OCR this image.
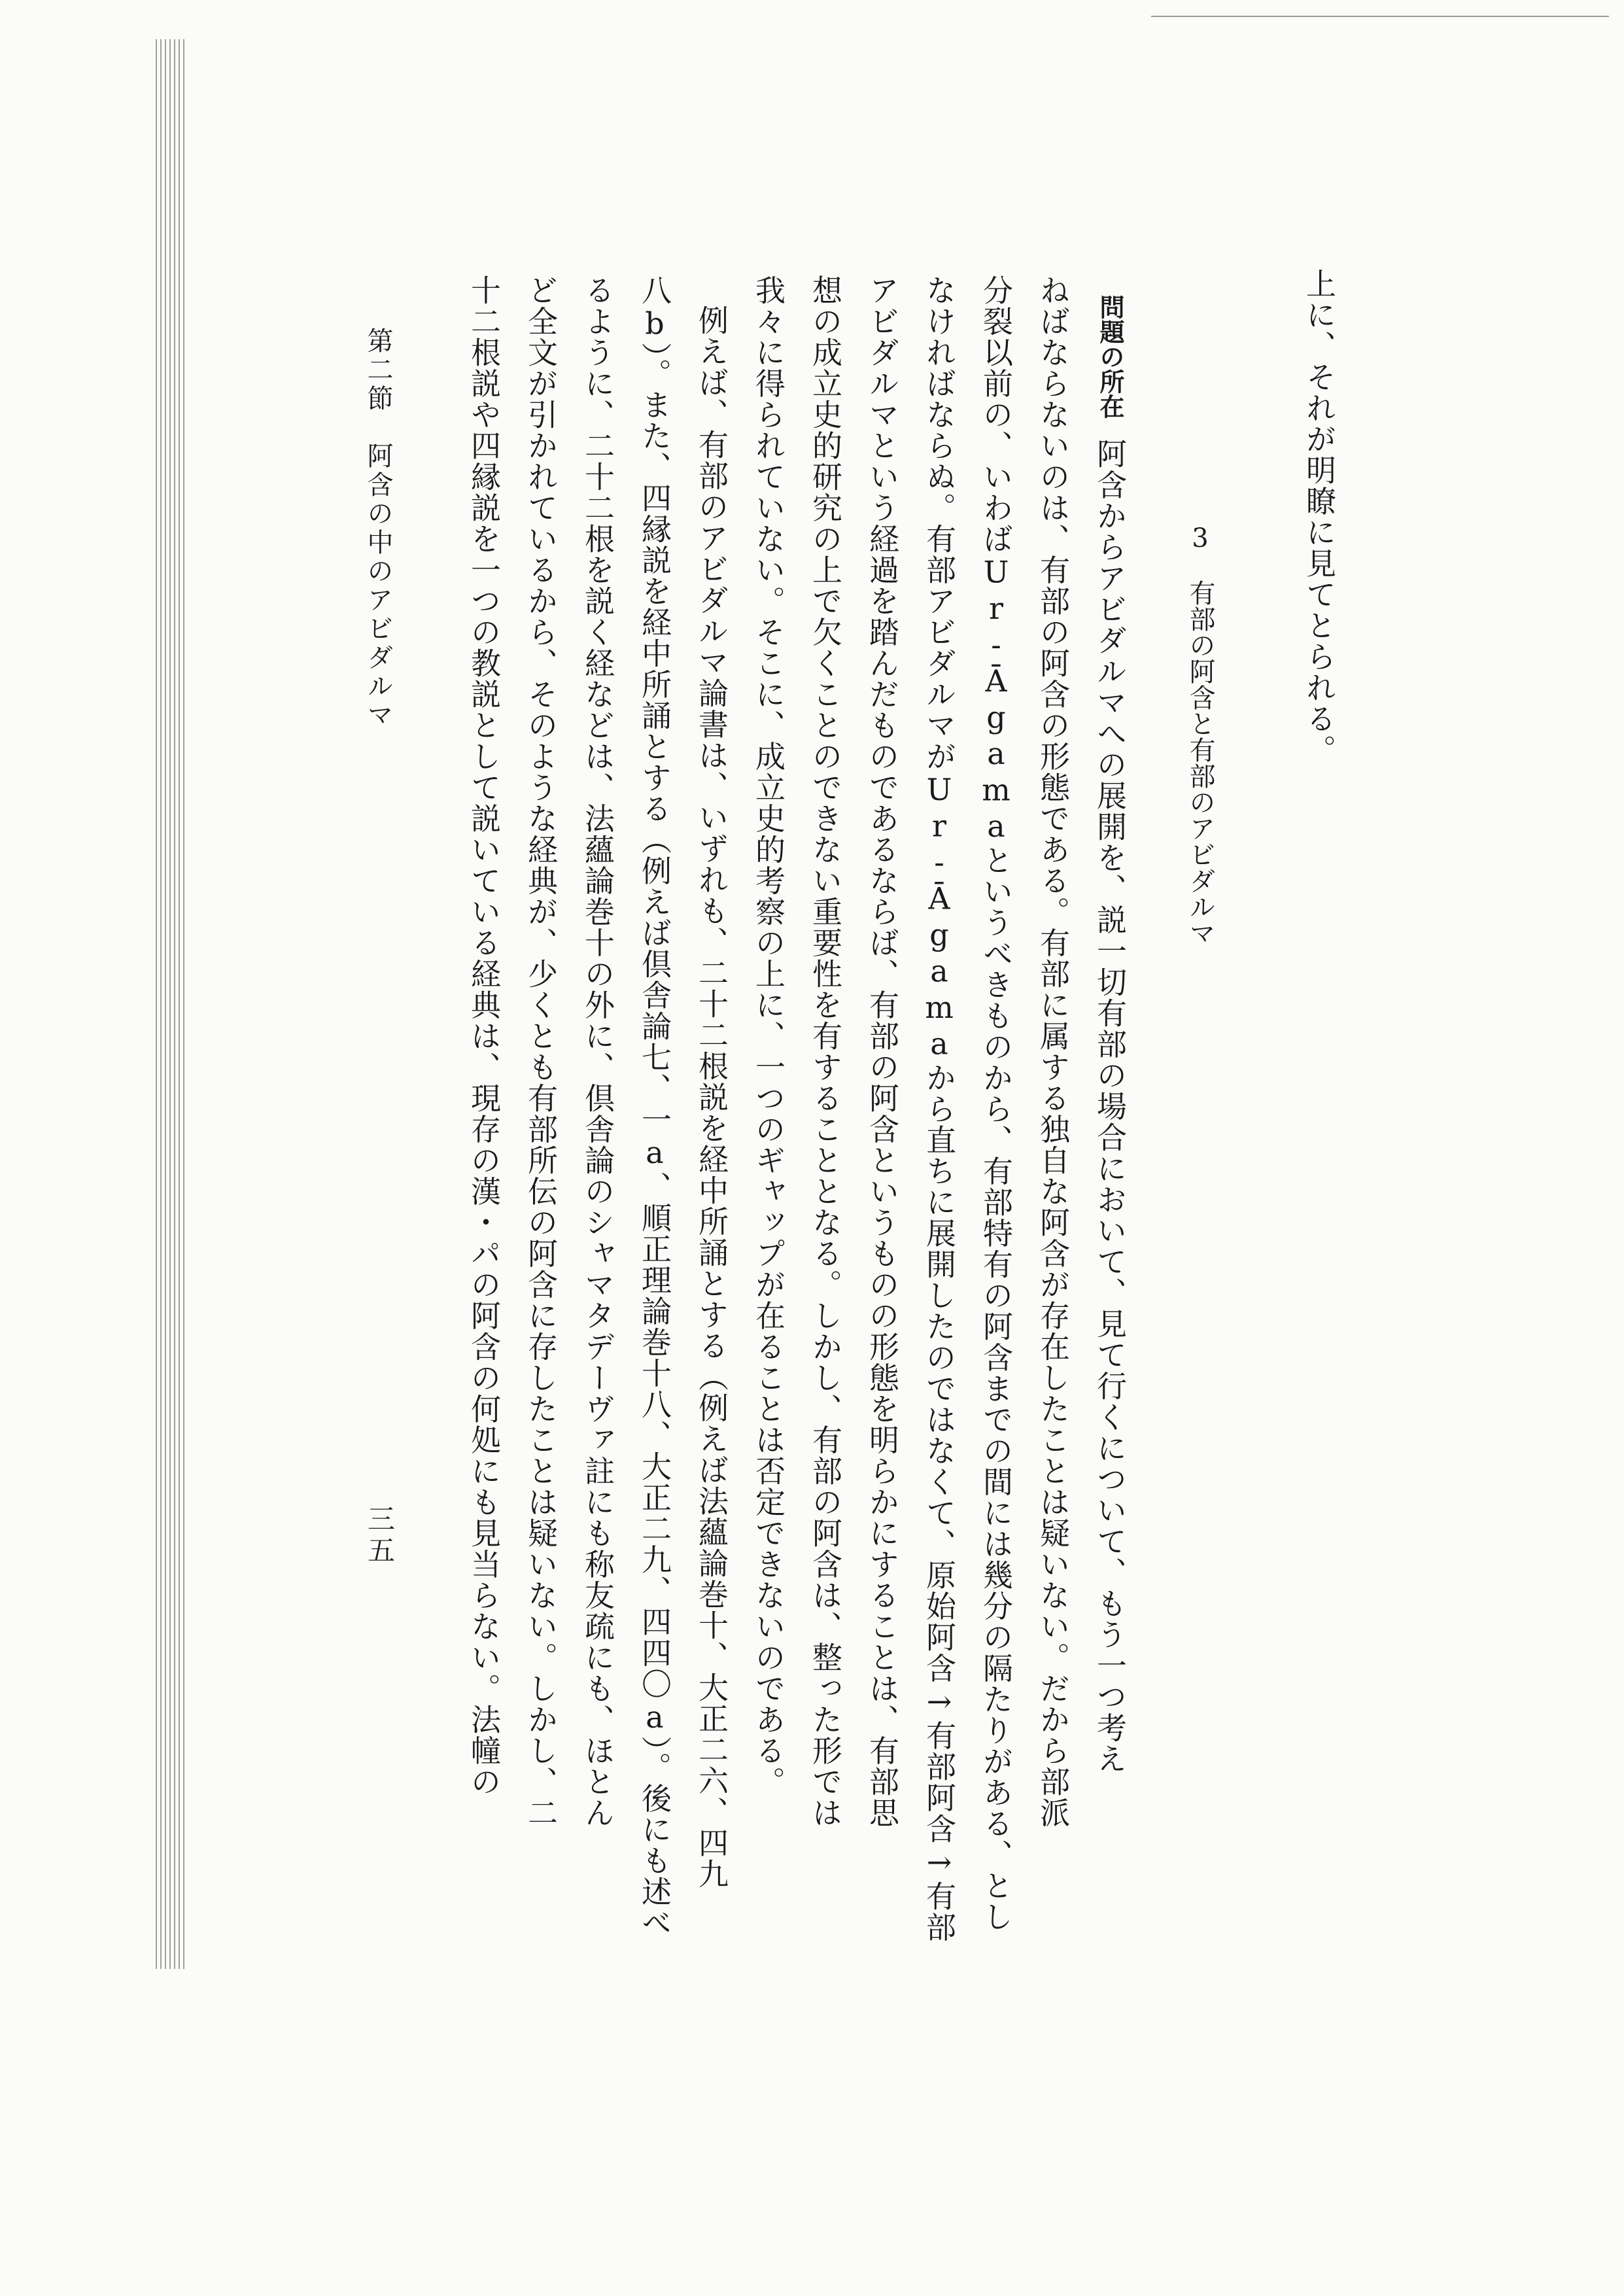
上に、それが明瞭に見てとられる。
3　有部の阿含と有部のアビダルマ
問題の所在
阿含からアビダルマへの展開を、説一切有部の場合において、見て行くについて、もう一つ考え
ねばならないのは、有部の阿含の形態である。有部に属する独自な阿含が存在したことは疑いない。だから部派
分裂以前の、いわばUr-Āgamaというべきものから、有部特有の阿含までの間には幾分の隔たりがある、とし
なければならぬ。有部アビダルマがUr-Āgamaから直ちに展開したのではなくて、原始阿含→有部阿含→有部
アビダルマという経過を踏んだものであるならば、有部の阿含というものの形態を明らかにすることは、有部思
想の成立史的研究の上で欠くことのできない重要性を有することとなる。しかし、有部の阿含は、整った形では
我々に得られていない。そこに、成立史的考察の上に、一つのギャップが在ることは否定できないのである。
例えば、有部のアビダルマ論書は、いずれも、二十二根説を経中所誦とする（例えば法蘊論巻十、大正二六、四九
八b）。また、四縁説を経中所誦とする（例えば倶舎論七、一a、順正理論巻十八、大正二九、四四〇a）。後にも述べ
るように、二十二根を説く経などは、法蘊論巻十の外に、倶舎論のシャマタデーヴァ註にも称友疏にも、ほとん
ど全文が引かれているから、そのような経典が、少くとも有部所伝の阿含に存したことは疑いない。しかし、二
十二根説や四縁説を一つの教説として説いている経典は、現存の漢・パの阿含の何処にも見当らない。法幢の
第二節　阿含の中のアビダルマ
三五
